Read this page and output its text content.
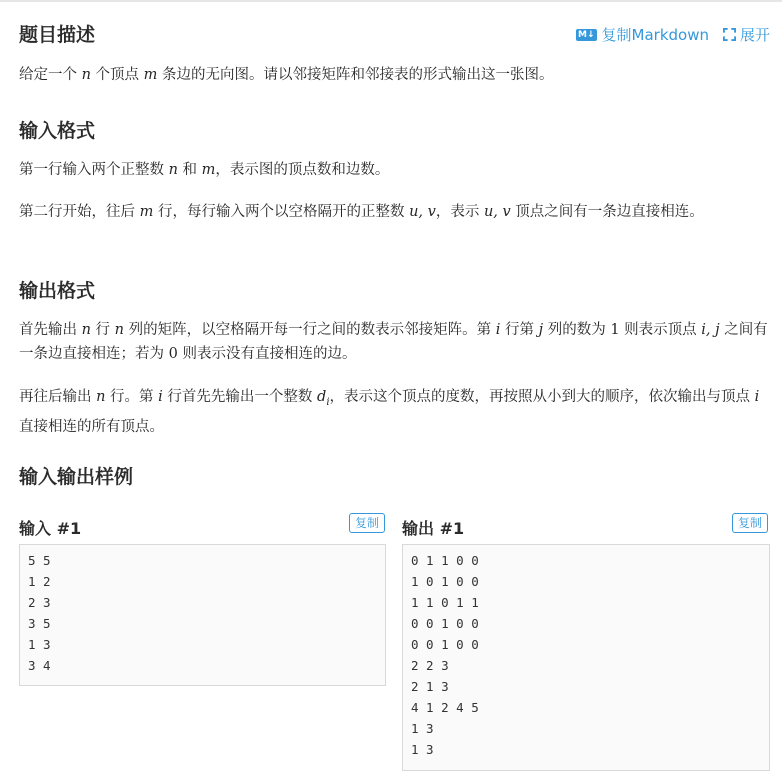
题目描述	M↓ 复制Markdown 展开

给定一个 n 个顶点 m 条边的无向图。请以邻接矩阵和邻接表的形式输出这一张图。

输入格式

第一行输入两个正整数 n 和 m，表示图的顶点数和边数。

第二行开始，往后 m 行，每行输入两个以空格隔开的正整数 u, v，表示 u, v 顶点之间有一条边直接相连。

输出格式

首先输出 n 行 n 列的矩阵，以空格隔开每一行之间的数表示邻接矩阵。第 i 行第 j 列的数为 1 则表示顶点 i, j 之间有一条边直接相连；若为 0 则表示没有直接相连的边。

再往后输出 n 行。第 i 行首先先输出一个整数 $d_i$，表示这个顶点的度数，再按照从小到大的顺序，依次输出与顶点 i 直接相连的所有顶点。

输入输出样例
输入 #1	复制
5 5
1 2
2 3
3 5
1 3
3 4
输出 #1	复制
0 1 1 0 0
1 0 1 0 0
1 1 0 1 1
0 0 1 0 0
0 0 1 0 0
2 2 3
2 1 3
4 1 2 4 5
1 3
1 3
